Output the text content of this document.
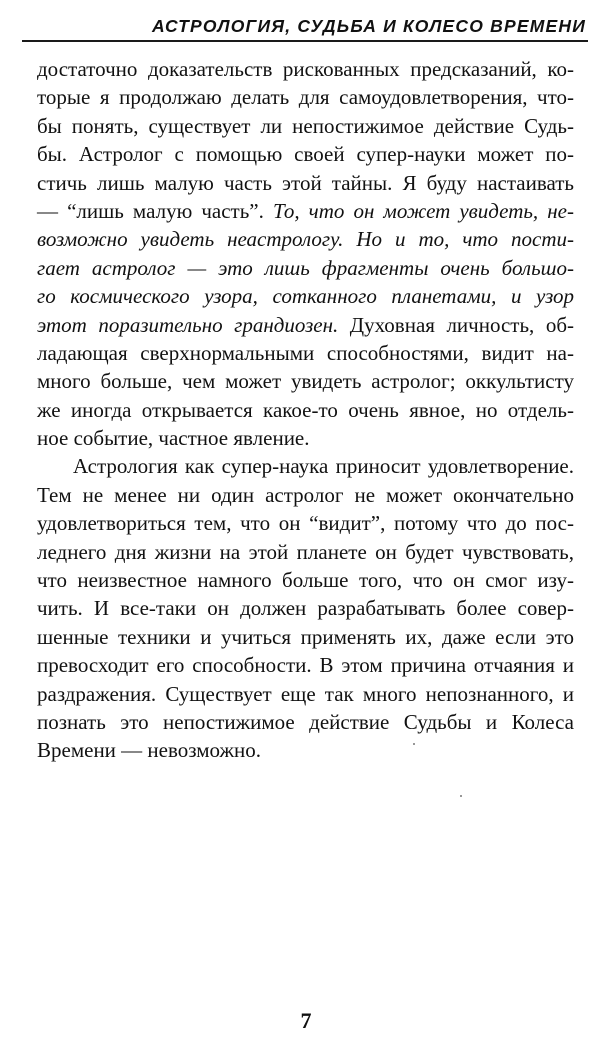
АСТРОЛОГИЯ, СУДЬБА И КОЛЕСО ВРЕМЕНИ
достаточно доказательств рискованных предсказаний, ко-
торые я продолжаю делать для самоудовлетворения, что-
бы понять, существует ли непостижимое действие Судь-
бы. Астролог с помощью своей супер-науки может по-
стичь лишь малую часть этой тайны. Я буду настаивать
— “лишь малую часть”. То, что он может увидеть, не-
возможно увидеть неастрологу. Но и то, что пости-
гает астролог — это лишь фрагменты очень большо-
го космического узора, сотканного планетами, и узор
этот поразительно грандиозен. Духовная личность, об-
ладающая сверхнормальными способностями, видит на-
много больше, чем может увидеть астролог; оккультисту
же иногда открывается какое-то очень явное, но отдель-
ное событие, частное явление.
Астрология как супер-наука приносит удовлетворение.
Тем не менее ни один астролог не может окончательно
удовлетвориться тем, что он “видит”, потому что до пос-
леднего дня жизни на этой планете он будет чувствовать,
что неизвестное намного больше того, что он смог изу-
чить. И все-таки он должен разрабатывать более совер-
шенные техники и учиться применять их, даже если это
превосходит его способности. В этом причина отчаяния и
раздражения. Существует еще так много непознанного, и
познать это непостижимое действие Судьбы и Колеса
Времени — невозможно.
7
